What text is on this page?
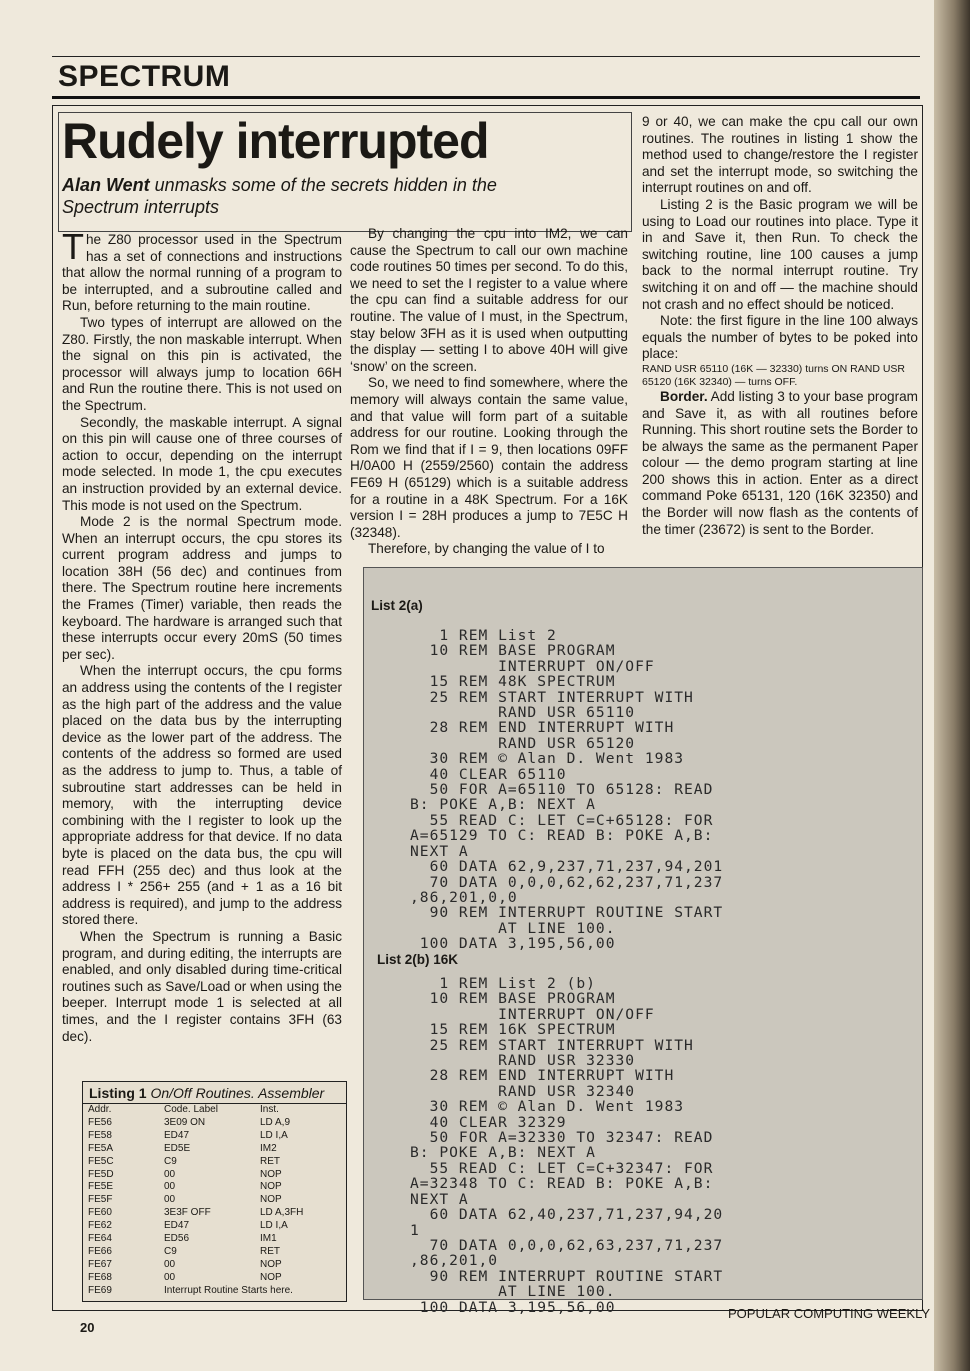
SPECTRUM
Rudely interrupted
Alan Went unmasks some of the secrets hidden in the Spectrum interrupts

The Z80 processor used in the Spectrum has a set of connections and instructions that allow the normal running of a program to be interrupted, and a subroutine called and Run, before returning to the main routine.

Two types of interrupt are allowed on the Z80. Firstly, the non maskable interrupt. When the signal on this pin is activated, the processor will always jump to location 66H and Run the routine there. This is not used on the Spectrum.

Secondly, the maskable interrupt. A signal on this pin will cause one of three courses of action to occur, depending on the interrupt mode selected. In mode 1, the cpu executes an instruction provided by an external device. This mode is not used on the Spectrum.

Mode 2 is the normal Spectrum mode. When an interrupt occurs, the cpu stores its current program address and jumps to location 38H (56 dec) and continues from there. The Spectrum routine here increments the Frames (Timer) variable, then reads the keyboard. The hardware is arranged such that these interrupts occur every 20mS (50 times per sec).

When the interrupt occurs, the cpu forms an address using the contents of the I register as the high part of the address and the value placed on the data bus by the interrupting device as the lower part of the address. The contents of the address so formed are used as the address to jump to. Thus, a table of subroutine start addresses can be held in memory, with the interrupting device combining with the I register to look up the appropriate address for that device. If no data byte is placed on the data bus, the cpu will read FFH (255 dec) and thus look at the address I * 256+ 255 (and + 1 as a 16 bit address is required), and jump to the address stored there.

When the Spectrum is running a Basic program, and during editing, the interrupts are enabled, and only disabled during time-critical routines such as Save/Load or when using the beeper. Interrupt mode 1 is selected at all times, and the I register contains 3FH (63 dec).

By changing the cpu into IM2, we can cause the Spectrum to call our own machine code routines 50 times per second. To do this, we need to set the I register to a value where the cpu can find a suitable address for our routine. The value of I must, in the Spectrum, stay below 3FH as it is used when outputting the display — setting I to above 40H will give ‘snow’ on the screen.

So, we need to find somewhere, where the memory will always contain the same value, and that value will form part of a suitable address for our routine. Looking through the Rom we find that if I = 9, then locations 09FF H/0A00 H (2559/2560) contain the address FE69 H (65129) which is a suitable address for a routine in a 48K Spectrum. For a 16K version I = 28H produces a jump to 7E5C H (32348).

Therefore, by changing the value of I to

9 or 40, we can make the cpu call our own routines. The routines in listing 1 show the method used to change/restore the I register and set the interrupt mode, so switching the interrupt routines on and off.

Listing 2 is the Basic program we will be using to Load our routines into place. Type it in and Save it, then Run. To check the switching routine, line 100 causes a jump back to the normal interrupt routine. Try switching it on and off — the machine should not crash and no effect should be noticed.

Note: the first figure in the line 100 always equals the number of bytes to be poked into place:

RAND USR 65110 (16K — 32330) turns ON RAND USR 65120 (16K 32340) — turns OFF.

Border. Add listing 3 to your base program and Save it, as with all routines before Running. This short routine sets the Border to be always the same as the permanent Paper colour — the demo program starting at line 200 shows this in action. Enter as a direct command Poke 65131, 120 (16K 32350) and the Border will now flash as the contents of the timer (23672) is sent to the Border.

Listing 1 On/Off Routines. Assembler
Addr.	Code. Label	Inst.
FE56	3E09 ON	LD A,9
FE58	ED47	LD I,A
FE5A	ED5E	IM2
FE5C	C9	RET
FE5D	00	NOP
FE5E	00	NOP
FE5F	00	NOP
FE60	3E3F OFF	LD A,3FH
FE62	ED47	LD I,A
FE64	ED56	IM1
FE66	C9	RET
FE67	00	NOP
FE68	00	NOP
FE69	Interrupt Routine Starts here.
List 2(a)
1 REM List 2
10 REM BASE PROGRAM
INTERRUPT ON/OFF
15 REM 48K SPECTRUM
25 REM START INTERRUPT WITH
RAND USR 65110
28 REM END INTERRUPT WITH
RAND USR 65120
30 REM © Alan D. Went 1983
40 CLEAR 65110
50 FOR A=65110 TO 65128: READ
B: POKE A,B: NEXT A
55 READ C: LET C=C+65128: FOR
A=65129 TO C: READ B: POKE A,B:
NEXT A
60 DATA 62,9,237,71,237,94,201
70 DATA 0,0,0,62,62,237,71,237
,86,201,0,0
90 REM INTERRUPT ROUTINE START
AT LINE 100.
100 DATA 3,195,56,00
List 2(b) 16K
1 REM List 2 (b)
10 REM BASE PROGRAM
INTERRUPT ON/OFF
15 REM 16K SPECTRUM
25 REM START INTERRUPT WITH
RAND USR 32330
28 REM END INTERRUPT WITH
RAND USR 32340
30 REM © Alan D. Went 1983
40 CLEAR 32329
50 FOR A=32330 TO 32347: READ
B: POKE A,B: NEXT A
55 READ C: LET C=C+32347: FOR
A=32348 TO C: READ B: POKE A,B:
NEXT A
60 DATA 62,40,237,71,237,94,20
1
70 DATA 0,0,0,62,63,237,71,237
,86,201,0
90 REM INTERRUPT ROUTINE START
AT LINE 100.
100 DATA 3,195,56,00
20
POPULAR COMPUTING WEEKLY
